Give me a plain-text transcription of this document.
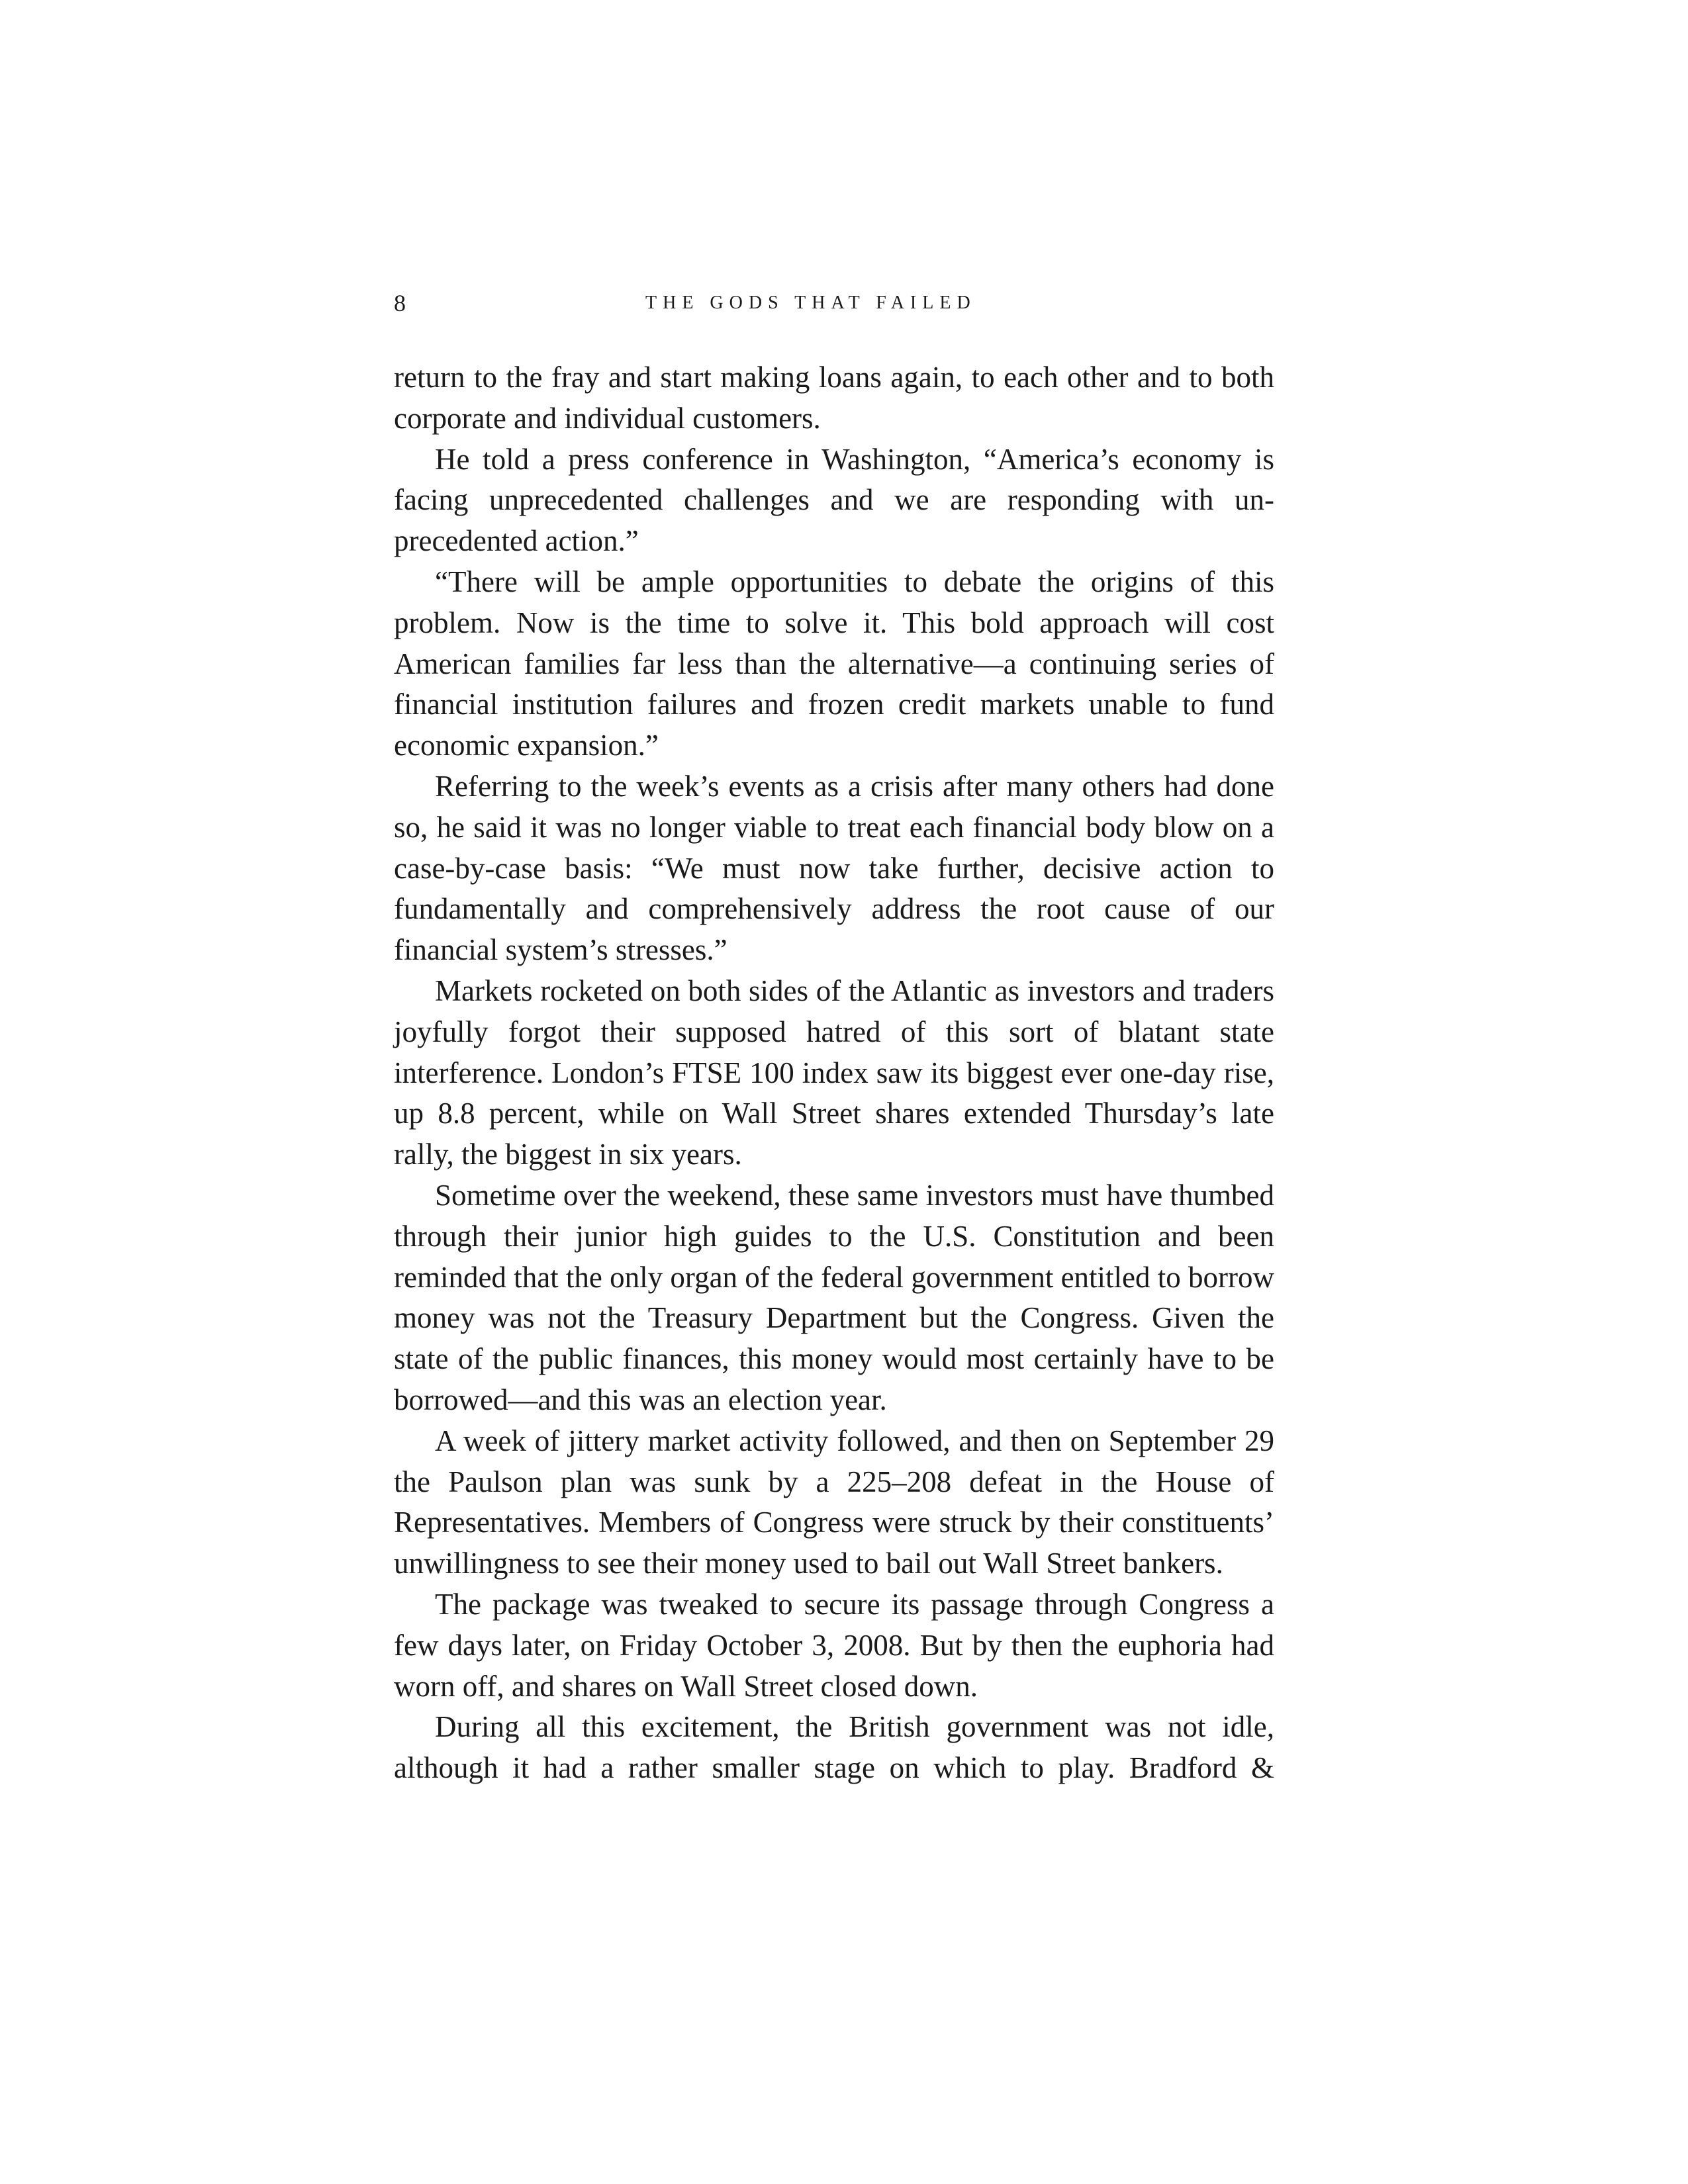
8	THE GODS THAT FAILED

return to the fray and start making loans again, to each other and to both corporate and individual customers.

He told a press conference in Washington, “America’s economy is facing unprecedented challenges and we are responding with unprecedented action.”

“There will be ample opportunities to debate the origins of this problem. Now is the time to solve it. This bold approach will cost American families far less than the alternative—a continuing series of financial institution failures and frozen credit markets unable to fund economic expansion.”

Referring to the week’s events as a crisis after many others had done so, he said it was no longer viable to treat each financial body blow on a case-by-case basis: “We must now take further, decisive action to fundamentally and comprehensively address the root cause of our financial system’s stresses.”

Markets rocketed on both sides of the Atlantic as investors and traders joyfully forgot their supposed hatred of this sort of blatant state interference. London’s FTSE 100 index saw its biggest ever one-day rise, up 8.8 percent, while on Wall Street shares extended Thursday’s late rally, the biggest in six years.

Sometime over the weekend, these same investors must have thumbed through their junior high guides to the U.S. Constitution and been reminded that the only organ of the federal government entitled to borrow money was not the Treasury Department but the Congress. Given the state of the public finances, this money would most certainly have to be borrowed—and this was an election year.

A week of jittery market activity followed, and then on September 29 the Paulson plan was sunk by a 225–208 defeat in the House of Representatives. Members of Congress were struck by their constituents’ unwillingness to see their money used to bail out Wall Street bankers.

The package was tweaked to secure its passage through Congress a few days later, on Friday October 3, 2008. But by then the euphoria had worn off, and shares on Wall Street closed down.

During all this excitement, the British government was not idle, although it had a rather smaller stage on which to play. Bradford &
